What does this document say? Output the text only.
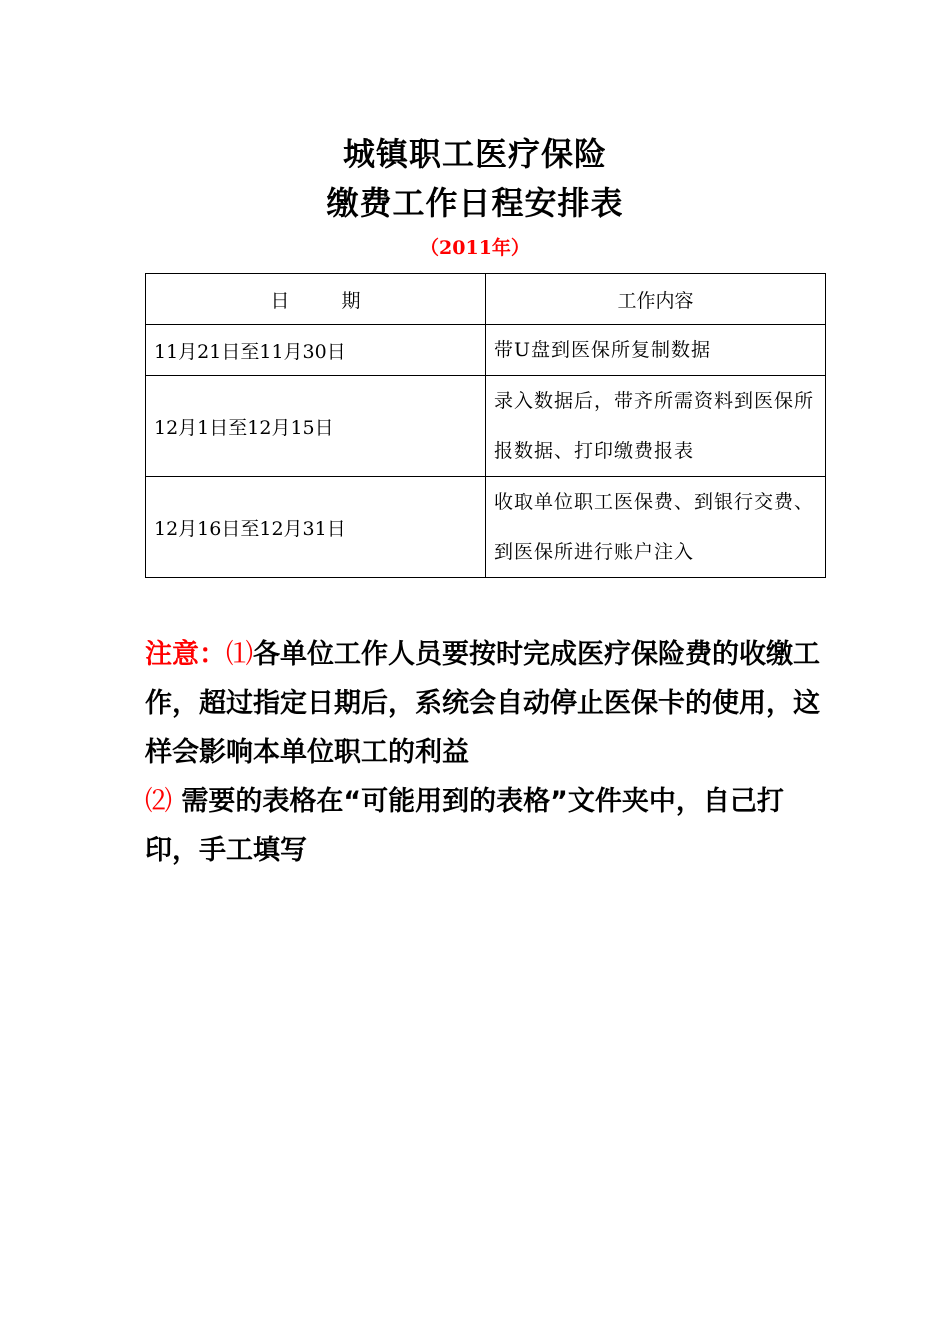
城镇职工医疗保险
缴费工作日程安排表
（2011年）
日 期	工作内容
11月21日至11月30日	带U盘到医保所复制数据
12月1日至12月15日	录入数据后，带齐所需资料到医保所报数据、打印缴费报表
12月16日至12月31日	收取单位职工医保费、到银行交费、到医保所进行账户注入

注意：⑴各单位工作人员要按时完成医疗保险费的收缴工作，超过指定日期后，系统会自动停止医保卡的使用，这样会影响本单位职工的利益

⑵ 需要的表格在“可能用到的表格”文件夹中，自己打印，手工填写
